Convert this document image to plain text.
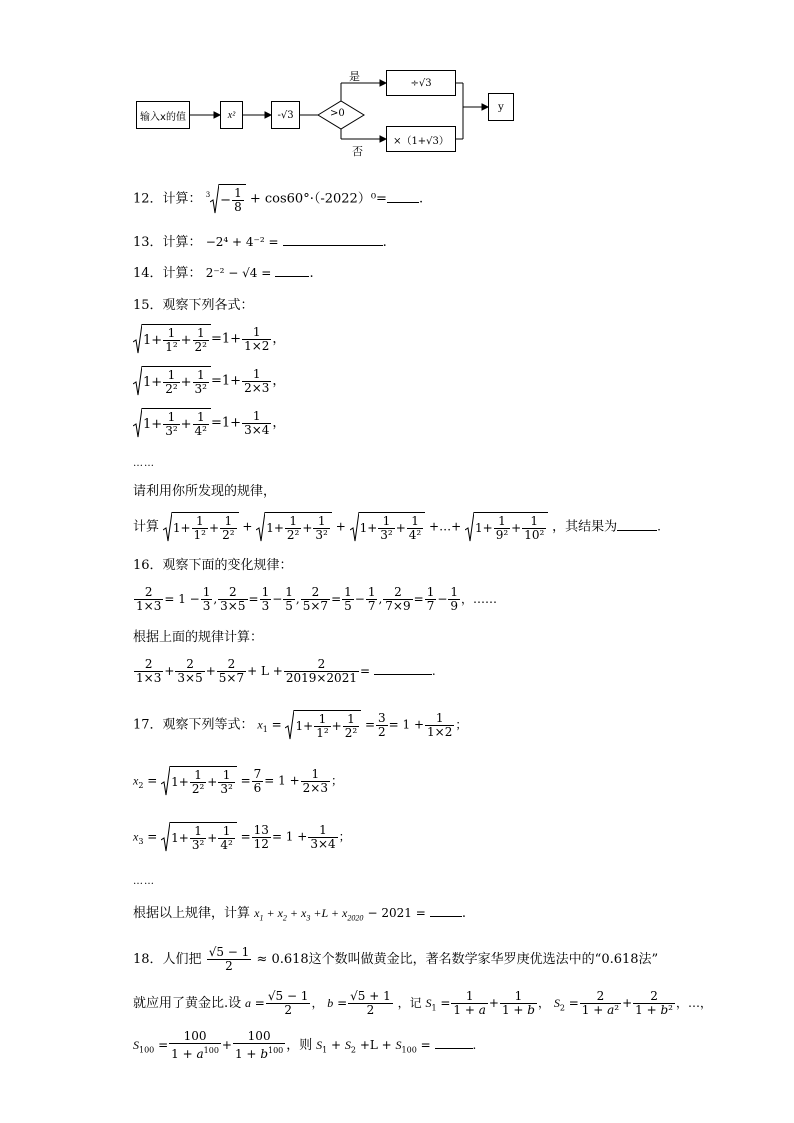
输入x的值	x²	-√3	>0
是
否
÷√3
×（1+√3）
y
12．计算： $^3 - \frac{1}{8} + \cos 60^\circ\cdot(-2022)^0=$ .
13．计算： −2⁴ + 4⁻² =	.
14．计算： 2⁻² − √4 =	.
15．观察下列各式：
$1+ \frac{1}{\text{1²}} + \frac{1}{\text{2²}} =1+ \frac{1}{1\times 2}$ ，
$1+ \frac{1}{\text{2²}} + \frac{1}{\text{3²}} =1+ \frac{1}{2\times 3}$ ，
$1+ \frac{1}{\text{3²}} + \frac{1}{\text{4²}} =1+ \frac{1}{3\times 4}$ ，
……
请利用你所发现的规律，
计算 $1+ \frac{1}{\text{1²}} + \frac{1}{\text{2²}}$ +
$1+ \frac{1}{\text{2²}} + \frac{1}{\text{3²}}$ +
$1+ \frac{1}{\text{3²}} + \frac{1}{\text{4²}}$ +…+
$1+ \frac{1}{\text{9²}} + \frac{1}{\text{10²}}$ ，其结果为	.
16．观察下面的变化规律：
$\frac{2}{1\times 3} = 1 - \frac{1}{3}$ , $\frac{2}{3\times 5} = \frac{1}{3} - \frac{1}{5}$ , $\frac{2}{5\times 7} = \frac{1}{5} - \frac{1}{7}$ , $\frac{2}{7\times 9} = \frac{1}{7} - \frac{1}{9}$ ，……
根据上面的规律计算：
$\frac{2}{1\times 3} + \frac{2}{3\times 5} + \frac{2}{5\times 7} + L + \frac{2}{2019\times 2021}$ =	.
17．观察下列等式： $x_1$ =
$1+ \frac{1}{\text{1²}} + \frac{1}{\text{2²}} = \frac{3}{2} = 1 + \frac{1}{1\times 2}$ ；
$x_2$ =
$1+ \frac{1}{\text{2²}} + \frac{1}{\text{3²}} = \frac{7}{6} = 1 + \frac{1}{2\times 3}$ ；
$x_3$ =
$1+ \frac{1}{\text{3²}} + \frac{1}{\text{4²}} = \frac{13}{12} = 1 + \frac{1}{3\times 4}$ ；
……
根据以上规律，计算 $x_1 + x_2 + x_3 +L + x_{2020} - 2021$ =	.
18．人们把 $\frac{√5 - 1}{2} \approx 0.618$这个数叫做黄金比，著名数学家华罗庚优选法中的“0.618法”
就应用了黄金比.设 $a = \frac{√5 - 1}{2}$ ， $b = \frac{√5 + 1}{2}$ ，记 $S_1 = \frac{1}{1 + a} + \frac{1}{1 + b}$ ， $S_2 = \frac{2}{\text{1 + a²}} + \frac{2}{\text{1 + b²}}$ ，…，
$S_{100} = \frac{100}{1 + a^{100}} + \frac{100}{1 + b^{100}}$ ，则 $S_1 + S_2 +L + S_{100}$ =	.
